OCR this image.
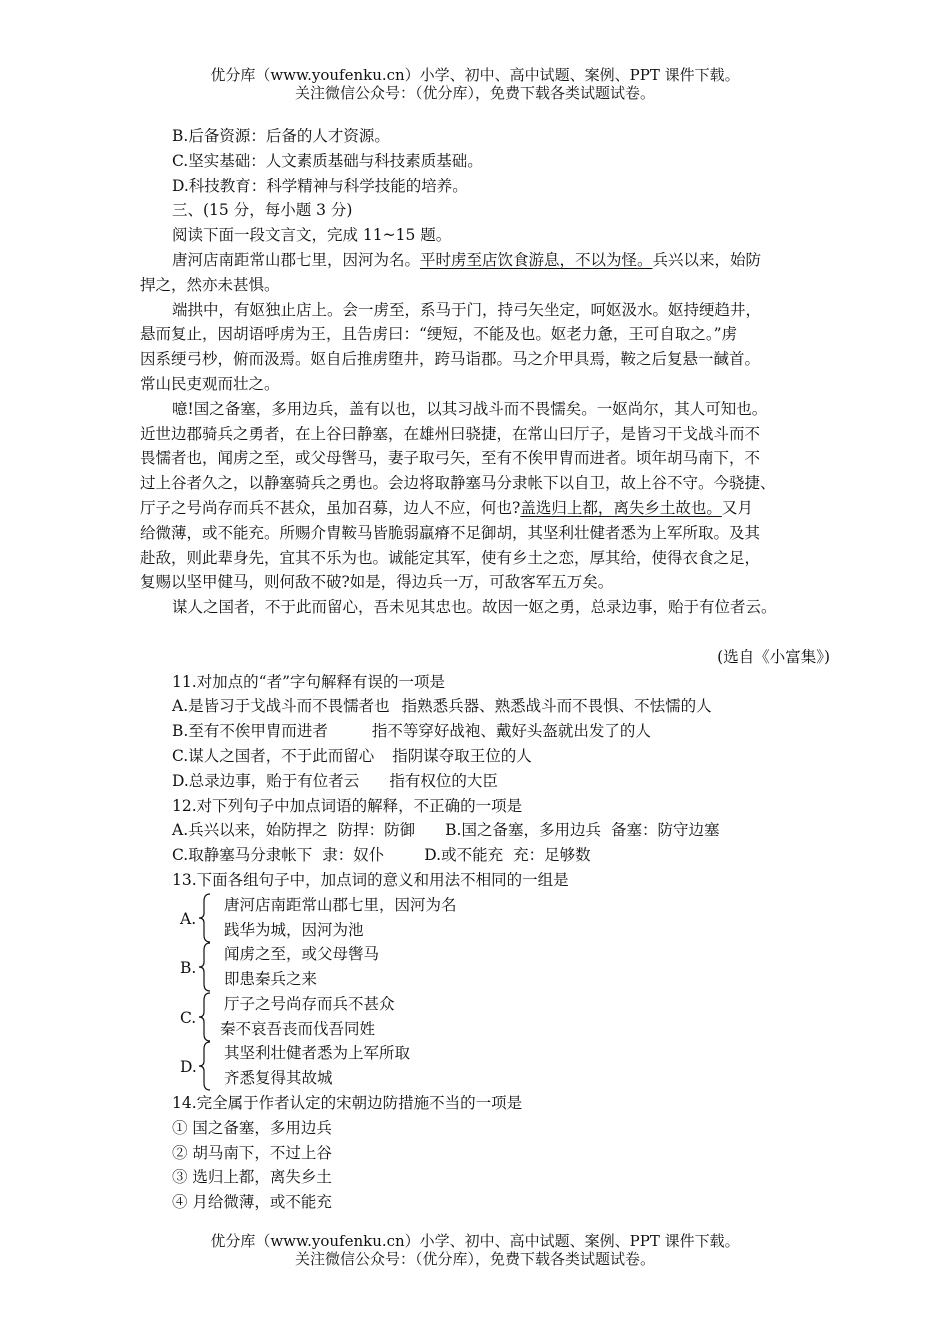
优分库（www.youfenku.cn）小学、初中、高中试题、案例、PPT 课件下载。
关注微信公众号：（优分库），免费下载各类试题试卷。
B.后备资源：后备的人才资源。
C.坚实基础：人文素质基础与科技素质基础。
D.科技教育：科学精神与科学技能的培养。
三、(15 分，每小题 3 分)
阅读下面一段文言文，完成 11~15 题。
唐河店南距常山郡七里，因河为名。平时虏至店饮食游息，不以为怪。兵兴以来，始防
捍之，然亦未甚惧。
端拱中，有妪独止店上。会一虏至，系马于门，持弓矢坐定，呵妪汲水。妪持绠趋井，
悬而复止，因胡语呼虏为王，且告虏曰：“绠短，不能及也。妪老力惫，王可自取之。”虏
因系绠弓杪，俯而汲焉。妪自后推虏堕井，跨马诣郡。马之介甲具焉，鞍之后复悬一馘首。
常山民吏观而壮之。
噫!国之备塞，多用边兵，盖有以也，以其习战斗而不畏懦矣。一妪尚尔，其人可知也。
近世边郡骑兵之勇者，在上谷曰静塞，在雄州曰骁捷，在常山曰厅子，是皆习干戈战斗而不
畏懦者也，闻虏之至，或父母辔马，妻子取弓矢，至有不俟甲胄而进者。顷年胡马南下，不
过上谷者久之，以静塞骑兵之勇也。会边将取静塞马分隶帐下以自卫，故上谷不守。今骁捷、
厅子之号尚存而兵不甚众，虽加召募，边人不应，何也?盖选归上都，离失乡土故也。又月
给微薄，或不能充。所赐介胄鞍马皆脆弱羸瘠不足御胡，其坚利壮健者悉为上军所取。及其
赴敌，则此辈身先，宜其不乐为也。诚能定其军，使有乡土之恋，厚其给，使得衣食之足，
复赐以坚甲健马，则何敌不破?如是，得边兵一万，可敌客军五万矣。
谋人之国者，不于此而留心，吾未见其忠也。故因一妪之勇，总录边事，贻于有位者云。
(选自《小富集》)
11.对加点的“者”字句解释有误的一项是
A.是皆习于戈战斗而不畏懦者也 指熟悉兵器、熟悉战斗而不畏惧、不怯懦的人
B.至有不俟甲胄而进者	指不等穿好战袍、戴好头盔就出发了的人
C.谋人之国者，不于此而留心 指阴谋夺取王位的人
D.总录边事，贻于有位者云 指有权位的大臣
12.对下列句子中加点词语的解释，不正确的一项是
A.兵兴以来，始防捍之 防捍：防御 B.国之备塞，多用边兵 备塞：防守边塞
C.取静塞马分隶帐下 隶：奴仆	D.或不能充 充：足够数
13.下面各组句子中，加点词的意义和用法不相同的一组是
A.
唐河店南距常山郡七里，因河为名
践华为城，因河为池
B.
闻虏之至，或父母辔马
即患秦兵之来
C.
厅子之号尚存而兵不甚众
秦不哀吾丧而伐吾同姓
D.
其坚利壮健者悉为上军所取
齐悉复得其故城
14.完全属于作者认定的宋朝边防措施不当的一项是
① 国之备塞，多用边兵
② 胡马南下，不过上谷
③ 选归上都，离失乡土
④ 月给微薄，或不能充
优分库（www.youfenku.cn）小学、初中、高中试题、案例、PPT 课件下载。
关注微信公众号：（优分库），免费下载各类试题试卷。
